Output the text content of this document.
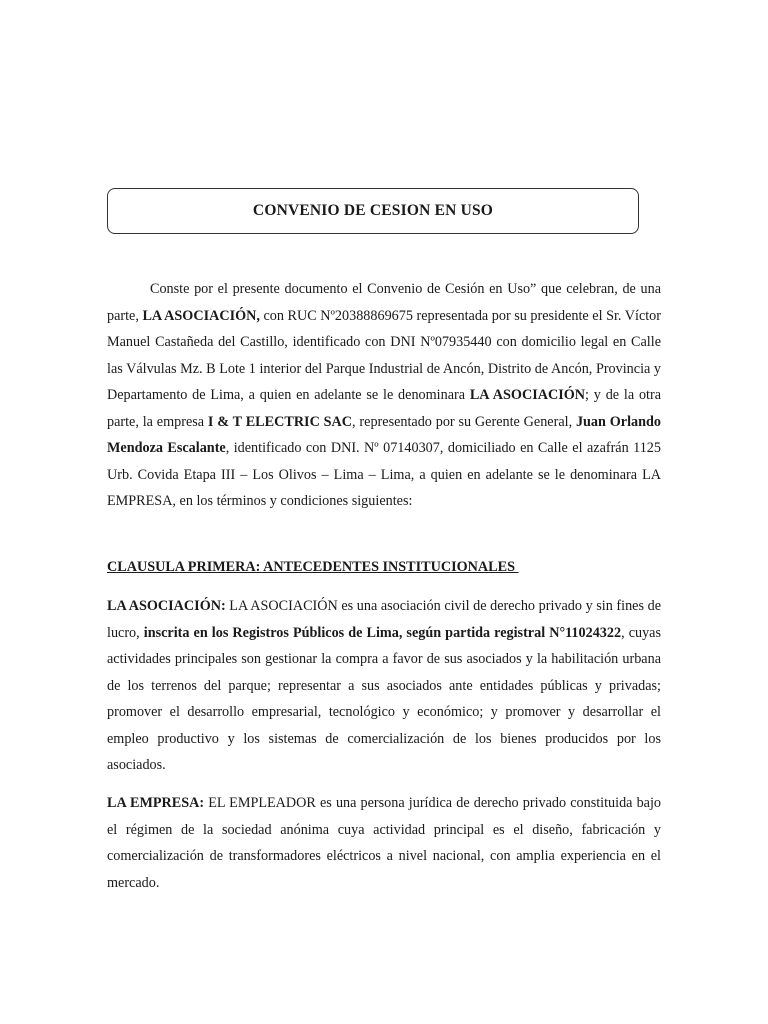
CONVENIO DE CESION EN USO
Conste por el presente documento el Convenio de Cesión en Uso” que celebran, de una parte, LA ASOCIACIÓN, con RUC Nº20388869675 representada por su presidente el Sr. Víctor Manuel Castañeda del Castillo, identificado con DNI Nº07935440 con domicilio legal en Calle las Válvulas Mz. B Lote 1 interior del Parque Industrial de Ancón, Distrito de Ancón, Provincia y Departamento de Lima, a quien en adelante se le denominara LA ASOCIACIÓN; y de la otra parte, la empresa I & T ELECTRIC SAC, representado por su Gerente General, Juan Orlando Mendoza Escalante, identificado con DNI. Nº 07140307, domiciliado en Calle el azafrán 1125 Urb. Covida Etapa III – Los Olivos – Lima – Lima, a quien en adelante se le denominara LA EMPRESA, en los términos y condiciones siguientes:
CLAUSULA PRIMERA: ANTECEDENTES INSTITUCIONALES
LA ASOCIACIÓN: LA ASOCIACIÓN es una asociación civil de derecho privado y sin fines de lucro, inscrita en los Registros Públicos de Lima, según partida registral N°11024322, cuyas actividades principales son gestionar la compra a favor de sus asociados y la habilitación urbana de los terrenos del parque; representar a sus asociados ante entidades públicas y privadas; promover el desarrollo empresarial, tecnológico y económico; y promover y desarrollar el empleo productivo y los sistemas de comercialización de los bienes producidos por los asociados.
LA EMPRESA: EL EMPLEADOR es una persona jurídica de derecho privado constituida bajo el régimen de la sociedad anónima cuya actividad principal es el diseño, fabricación y comercialización de transformadores eléctricos a nivel nacional, con amplia experiencia en el mercado.
